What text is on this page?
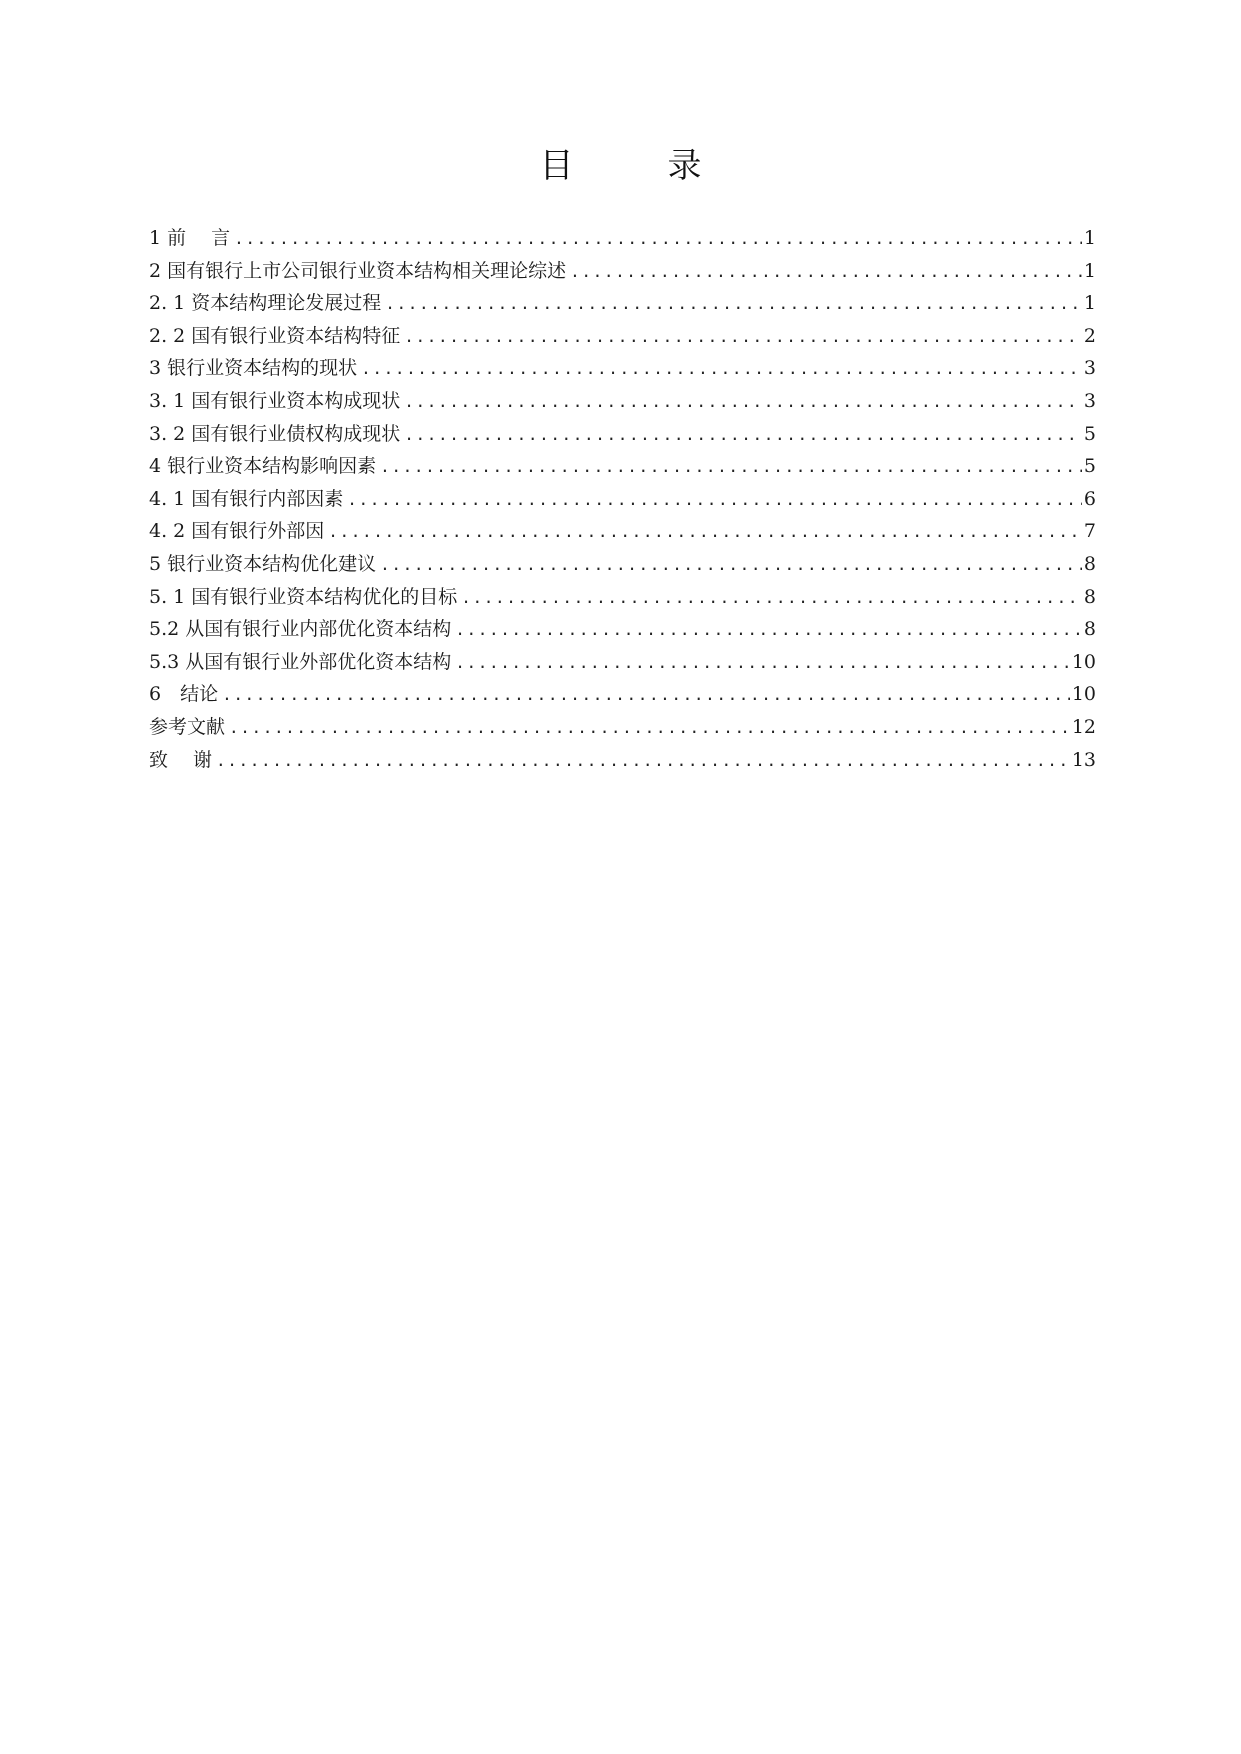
目　录
1 前　 言 .....	1
2 国有银行上市公司银行业资本结构相关理论综述 .....	1
2. 1 资本结构理论发展过程 .....	1
2. 2 国有银行业资本结构特征 .....	2
3 银行业资本结构的现状 .....	3
3. 1 国有银行业资本构成现状 .....	3
3. 2 国有银行业债权构成现状 .....	5
4 银行业资本结构影响因素 .....	5
4. 1 国有银行内部因素 .....	6
4. 2 国有银行外部因 .....	7
5 银行业资本结构优化建议 .....	8
5. 1 国有银行业资本结构优化的目标 .....	8
5.2 从国有银行业内部优化资本结构 .....	8
5.3 从国有银行业外部优化资本结构 .....	10
6　结论 .....	10
参考文献 .....	12
致　 谢 .....	13
